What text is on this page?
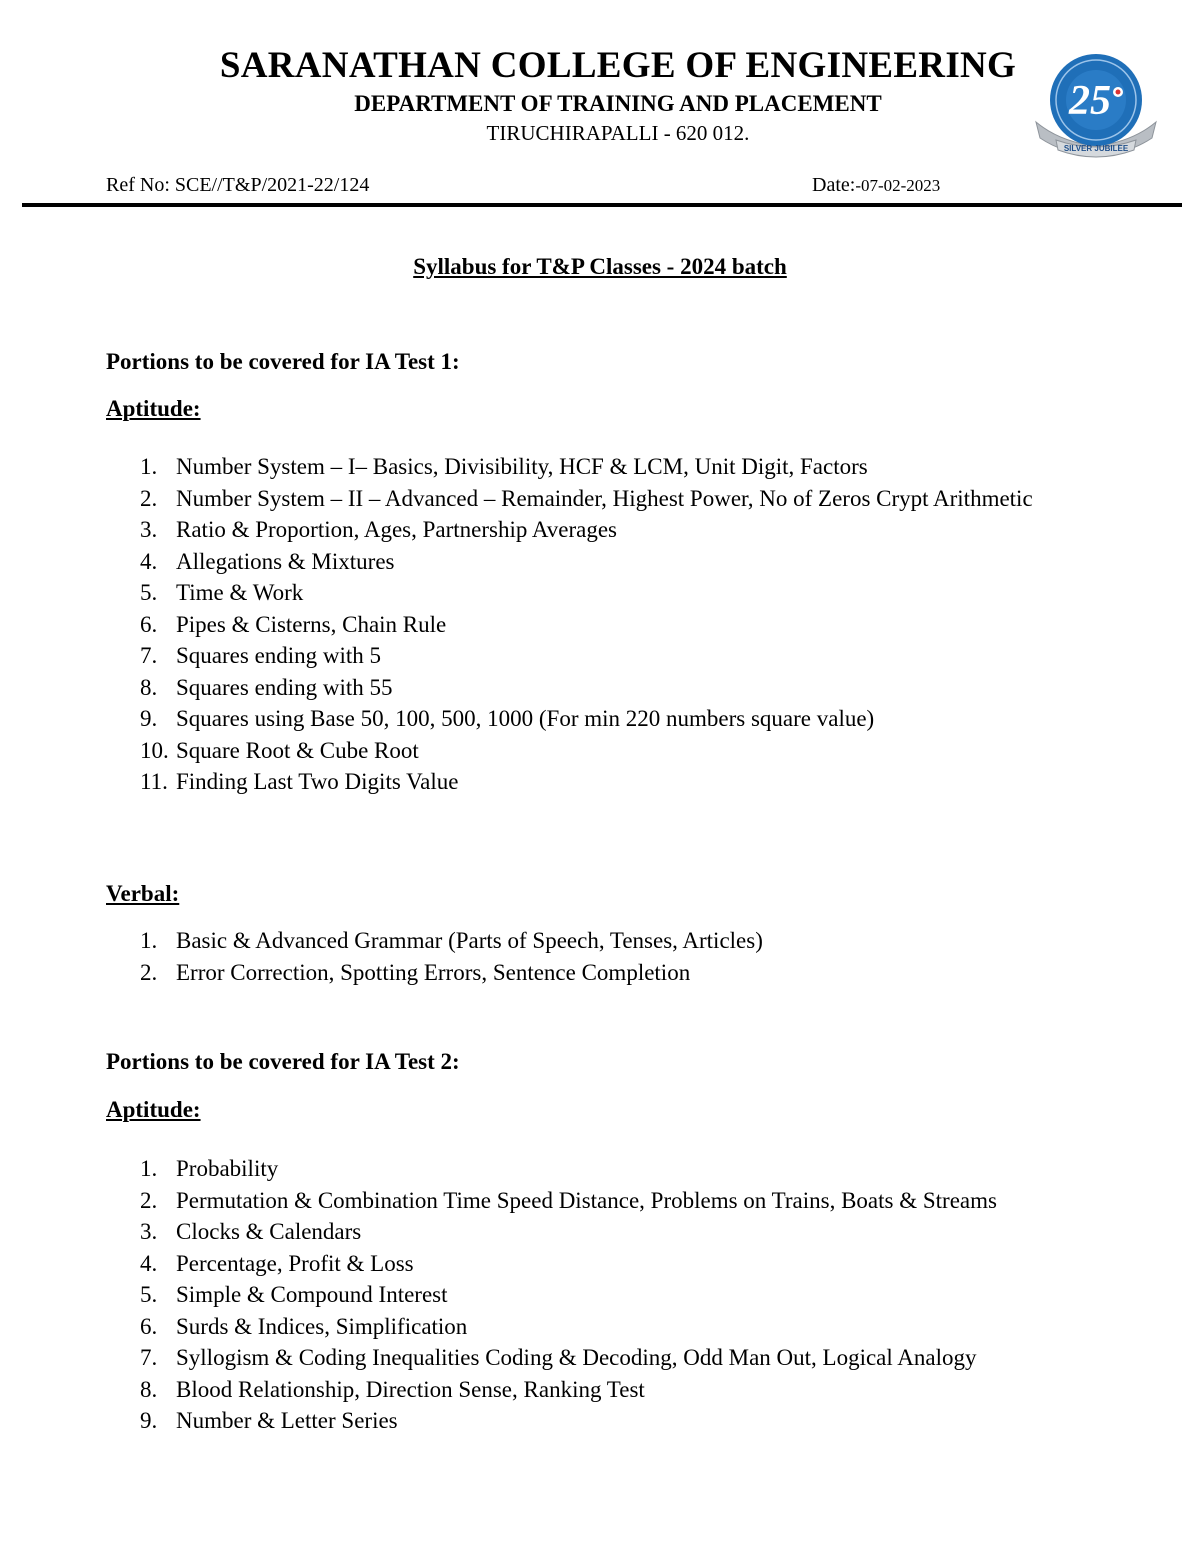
SARANATHAN COLLEGE OF ENGINEERING
DEPARTMENT OF TRAINING AND PLACEMENT
TIRUCHIRAPALLI - 620 012.
25
SILVER JUBILEE
Ref No: SCE//T&P/2021-22/124	Date:-07-02-2023
Syllabus for T&P Classes - 2024 batch
Portions to be covered for IA Test 1:
Aptitude:
1. Number System – I– Basics, Divisibility, HCF & LCM, Unit Digit, Factors
2. Number System – II – Advanced – Remainder, Highest Power, No of Zeros Crypt Arithmetic
3. Ratio & Proportion, Ages, Partnership Averages
4. Allegations & Mixtures
5. Time & Work
6. Pipes & Cisterns, Chain Rule
7. Squares ending with 5
8. Squares ending with 55
9. Squares using Base 50, 100, 500, 1000 (For min 220 numbers square value)
10. Square Root & Cube Root
11. Finding Last Two Digits Value
Verbal:
1. Basic & Advanced Grammar (Parts of Speech, Tenses, Articles)
2. Error Correction, Spotting Errors, Sentence Completion
Portions to be covered for IA Test 2:
Aptitude:
1. Probability
2. Permutation & Combination Time Speed Distance, Problems on Trains, Boats & Streams
3. Clocks & Calendars
4. Percentage, Profit & Loss
5. Simple & Compound Interest
6. Surds & Indices, Simplification
7. Syllogism & Coding Inequalities Coding & Decoding, Odd Man Out, Logical Analogy
8. Blood Relationship, Direction Sense, Ranking Test
9. Number & Letter Series
